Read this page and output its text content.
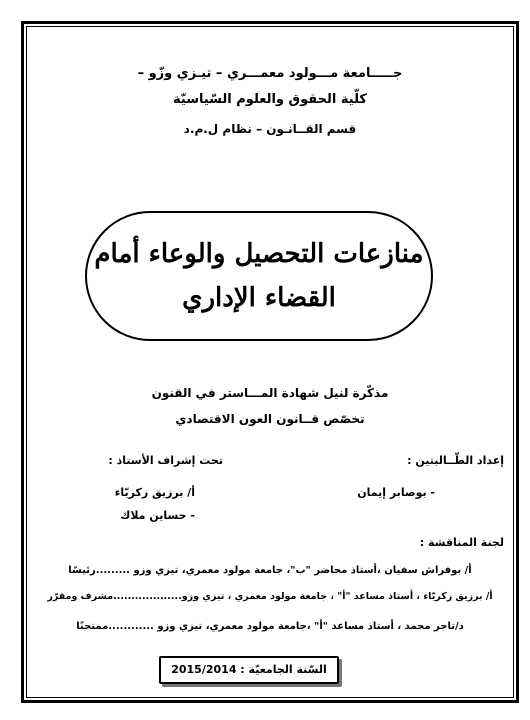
جـــــامعة مـــولود معمـــري – تيـزي وزّو –
كلّية الحقوق والعلوم السّياسيّة
قسم القــانـون – نظام ل.م.د
منازعات التحصيل والوعاء أمام
القضاء الإداري
مذكّرة لنيل شهادة المـــاستر في القنون
تخصّص قــانون العون الاقتصادي
إعداد الطّــالبتين :
تحت إشراف الأستاذ :
- بوصابر إيمان
أ/ برزيق زكريّاء
- حساين ملاك
لجنة المناقشة :
أ/ بوفراش سفيان ،أستاذ محاضر "ب"، جامعة مولود معمري، تيزي وزو .........رئيسًا
أ/ برزيق زكريّاء ، أستاذ مساعد "أ" ، جامعة مولود معمري ، تيزي وزو...................مشرف ومقرّر
د/تاجر محمد ، أستاذ مساعد "أ" ،جامعة مولود معمري، تيزي وزو ............ممتحنًا
السّنة الجامعيّة : 2015/2014
